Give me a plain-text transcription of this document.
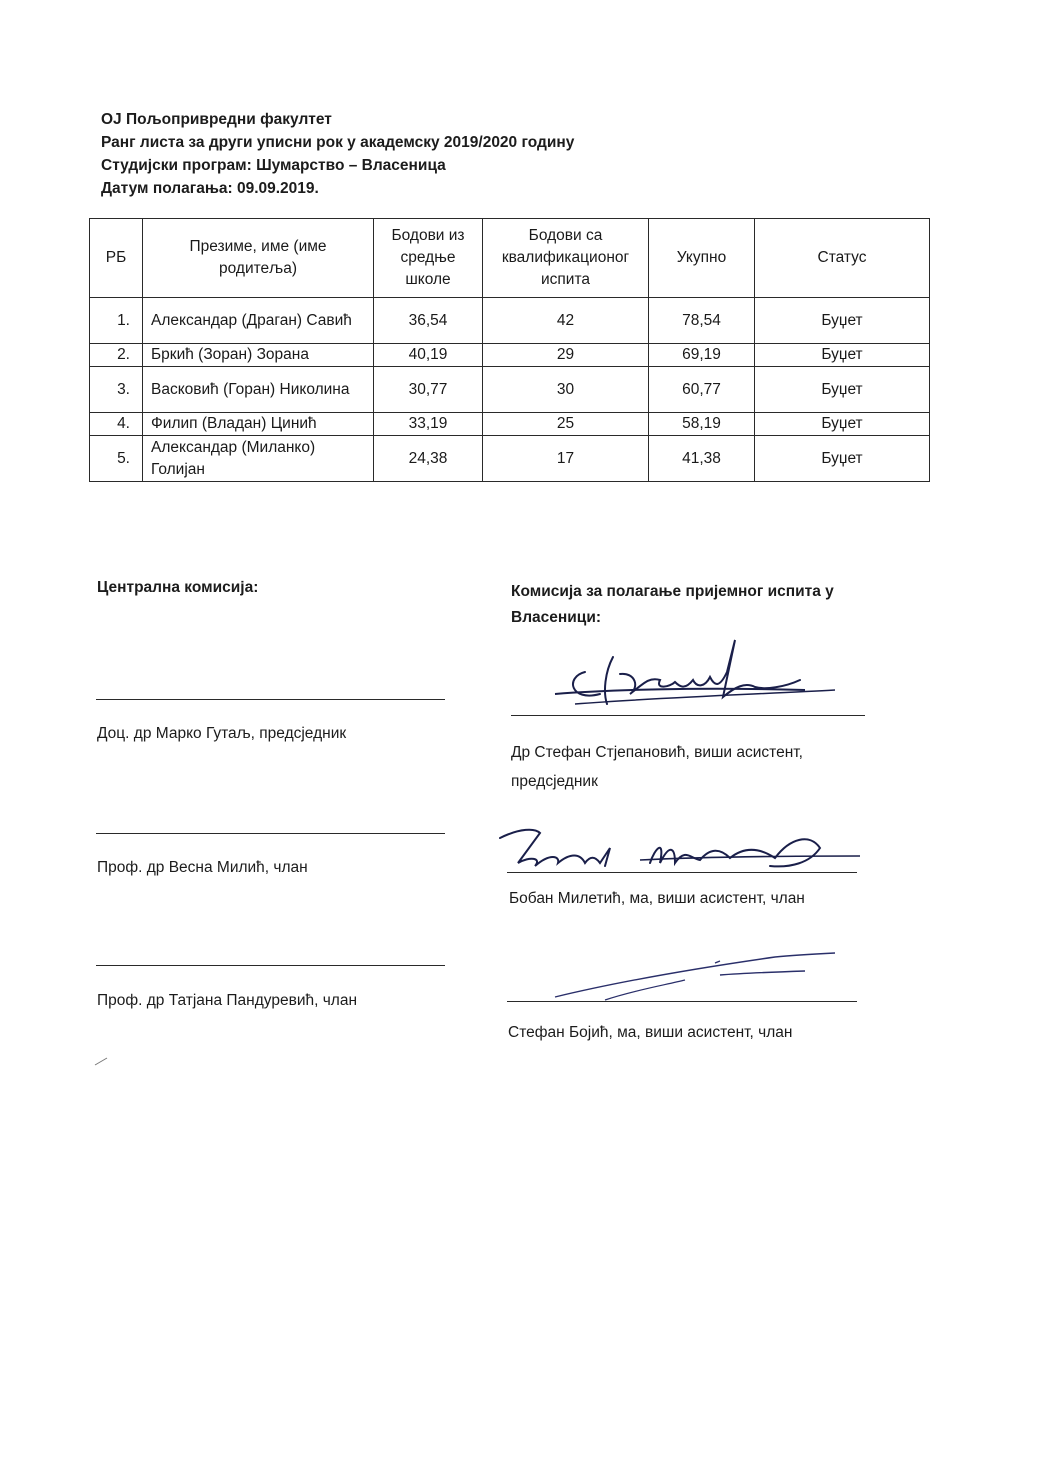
ОЈ Пољопривредни факултет
Ранг листа за други уписни рок у академску 2019/2020 годину
Студијски програм: Шумарство – Власеница
Датум полагања: 09.09.2019.
РБ	Презиме, име (име родитеља)	Бодови из средње школе	Бодови са квалификационог испита	Укупно	Статус
1.	Александар (Драган) Савић	36,54	42	78,54	Буџет
2.	Бркић (Зоран) Зорана	40,19	29	69,19	Буџет
3.	Васковић (Горан) Николина	30,77	30	60,77	Буџет
4.	Филип (Владан) Цинић	33,19	25	58,19	Буџет
5.	Александар (Миланко) Голијан	24,38	17	41,38	Буџет
Централна комисија:
Доц. др Марко Гутаљ, предсједник
Проф. др Весна Милић, члан
Проф. др Татјана Пандуревић, члан
Комисија за полагање пријемног испита у Власеници:
Др Стефан Стјепановић, виши асистент, предсједник
Бобан Милетић, ма, виши асистент, члан
Стефан Бојић, ма, виши асистент, члан
